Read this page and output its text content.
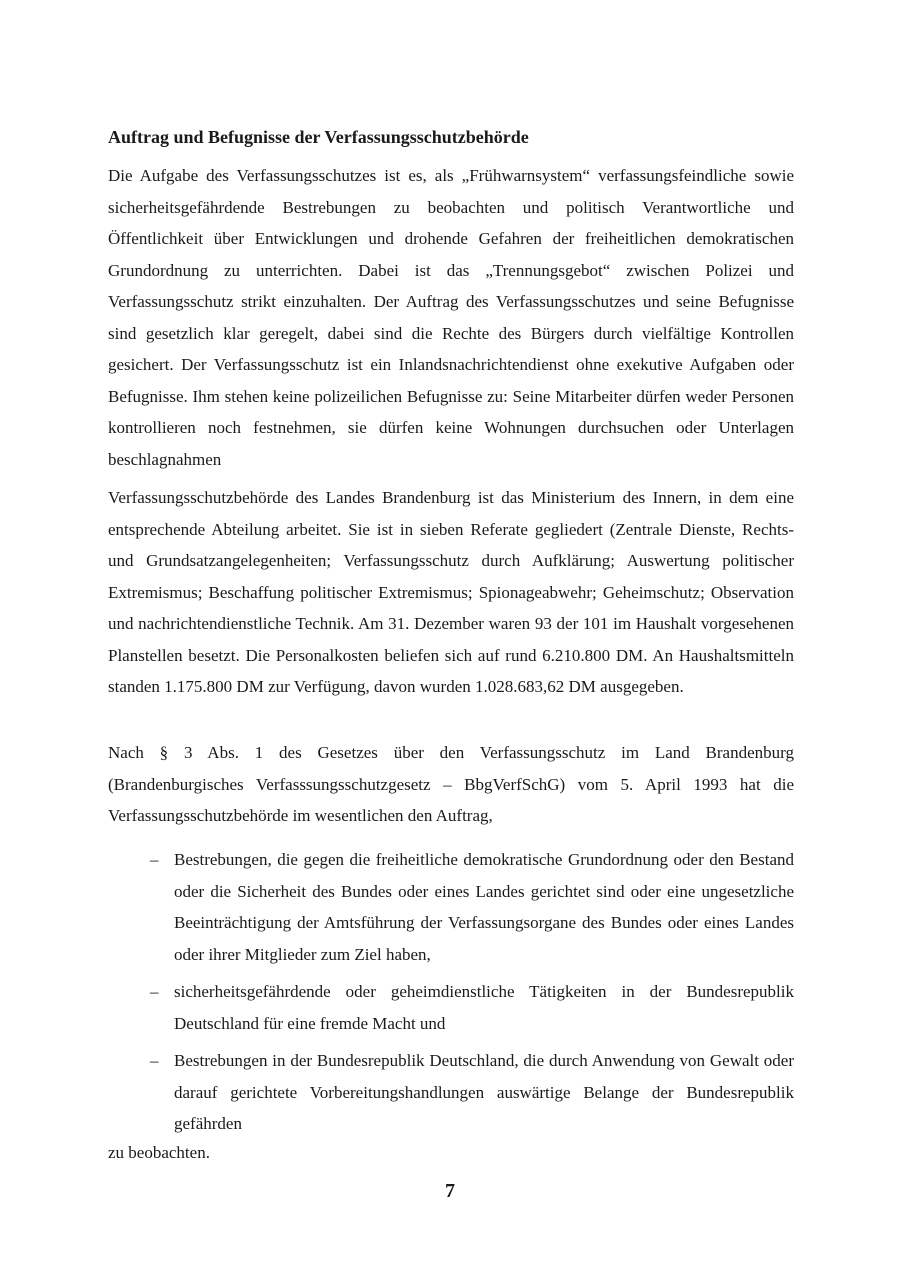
Auftrag und Befugnisse der Verfassungsschutzbehörde

Die Aufgabe des Verfassungsschutzes ist es, als „Frühwarnsystem“ verfassungsfeindliche sowie sicherheitsgefährdende Bestrebungen zu beobachten und politisch Verantwortliche und Öffentlichkeit über Entwicklungen und drohende Gefahren der freiheitlichen demokratischen Grundordnung zu unterrichten. Dabei ist das „Trennungsgebot“ zwischen Polizei und Verfassungsschutz strikt einzuhalten. Der Auftrag des Verfassungsschutzes und seine Befugnisse sind gesetzlich klar geregelt, dabei sind die Rechte des Bürgers durch vielfältige Kontrollen gesichert. Der Verfassungsschutz ist ein Inlandsnachrichtendienst ohne exekutive Aufgaben oder Befugnisse. Ihm stehen keine polizeilichen Befugnisse zu: Seine Mitarbeiter dürfen weder Personen kontrollieren noch festnehmen, sie dürfen keine Wohnungen durchsuchen oder Unterlagen beschlagnahmen

Verfassungsschutzbehörde des Landes Brandenburg ist das Ministerium des Innern, in dem eine entsprechende Abteilung arbeitet. Sie ist in sieben Referate gegliedert (Zentrale Dienste, Rechts- und Grundsatzangelegenheiten; Verfassungsschutz durch Aufklärung; Auswertung politischer Extremismus; Beschaffung politischer Extremismus; Spionageabwehr; Geheimschutz; Observation und nachrichtendienstliche Technik. Am 31. Dezember waren 93 der 101 im Haushalt vorgesehenen Planstellen besetzt. Die Personalkosten beliefen sich auf rund 6.210.800 DM. An Haushaltsmitteln standen 1.175.800 DM zur Verfügung, davon wurden 1.028.683,62 DM ausgegeben.

Nach § 3 Abs. 1 des Gesetzes über den Verfassungsschutz im Land Brandenburg (Brandenburgisches Verfasssungsschutzgesetz – BbgVerfSchG) vom 5. April 1993 hat die Verfassungsschutzbehörde im wesentlichen den Auftrag,

– Bestrebungen, die gegen die freiheitliche demokratische Grundordnung oder den Bestand oder die Sicherheit des Bundes oder eines Landes gerichtet sind oder eine ungesetzliche Beeinträchtigung der Amtsführung der Verfassungsorgane des Bundes oder eines Landes oder ihrer Mitglieder zum Ziel haben,
– sicherheitsgefährdende oder geheimdienstliche Tätigkeiten in der Bundesrepublik Deutschland für eine fremde Macht und
– Bestrebungen in der Bundesrepublik Deutschland, die durch Anwendung von Gewalt oder darauf gerichtete Vorbereitungshandlungen auswärtige Belange der Bundesrepublik gefährden

zu beobachten.

7
